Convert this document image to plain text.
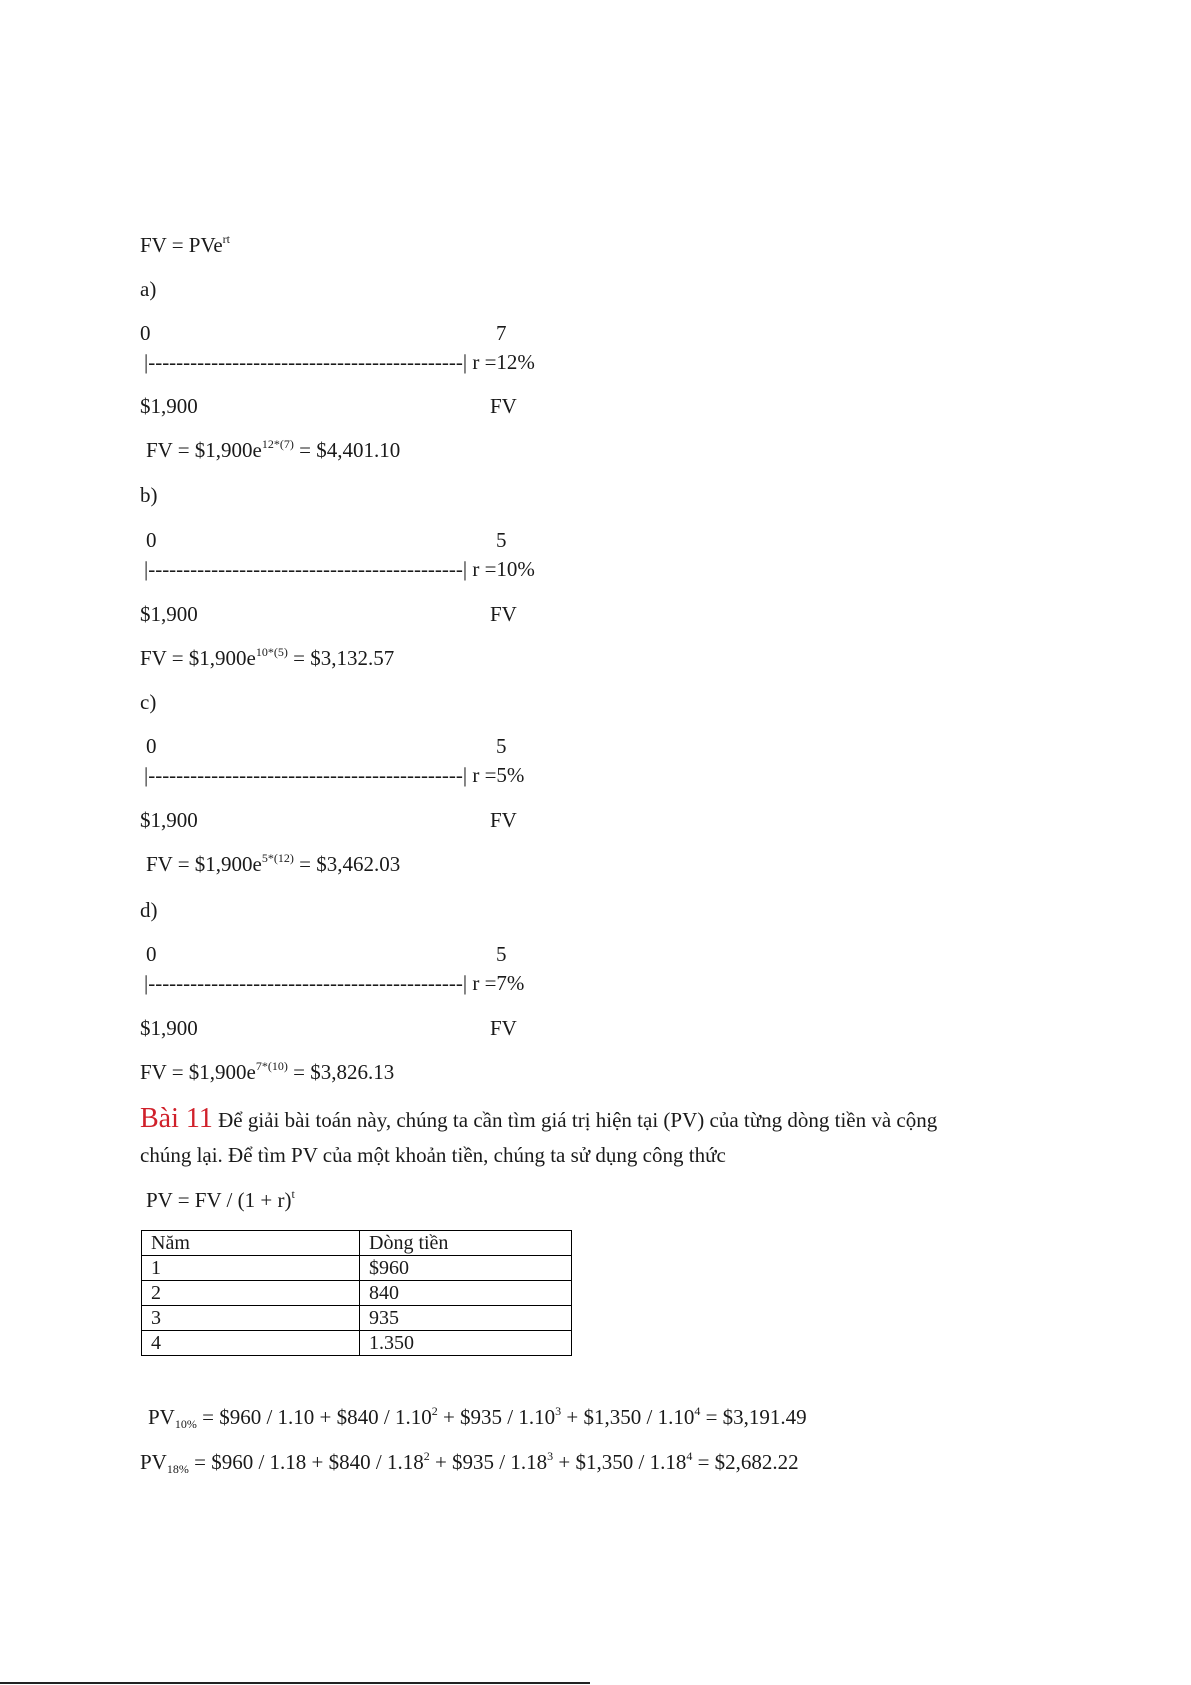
FV = PVe$^{rt}$
a)
0	7
|---------------------------------------------| r =12%
$1,900	FV
FV = $\$1,900e^{12*(7)}$ = $4,401.10
b)
0	5
|---------------------------------------------| r =10%
$1,900	FV
FV = $\$1,900e^{10*(5)}$ = $3,132.57
c)
0	5
|---------------------------------------------| r =5%
$1,900	FV
FV = $\$1,900e^{5*(12)}$ = $3,462.03
d)
0	5
|---------------------------------------------| r =7%
$1,900	FV
FV = $\$1,900e^{7*(10)}$ = $3,826.13
Bài 11 Để giải bài toán này, chúng ta cần tìm giá trị hiện tại (PV) của từng dòng tiền và cộng
chúng lại. Để tìm PV của một khoản tiền, chúng ta sử dụng công thức
PV = FV / $(1 + r)^t$
Năm	Dòng tiền
1	$960
2	840
3	935
4	1.350
$PV_{10\%}$ = $960 / 1.10 + $840 / $1.10^2$ + $935 / $1.10^3$ + $1,350 / $1.10^4$ = $3,191.49
$PV_{18\%}$ = $960 / 1.18 + $840 / $1.18^2$ + $935 / $1.18^3$ + $1,350 / $1.18^4$ = $2,682.22
